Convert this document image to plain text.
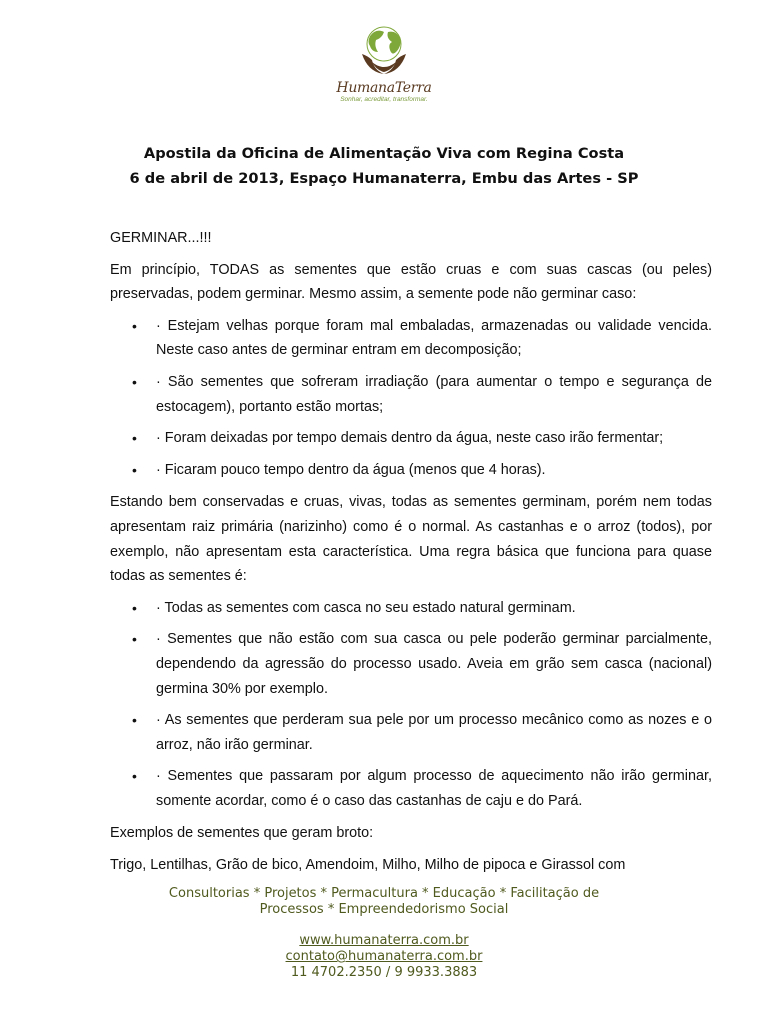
HumanaTerra
Sonhar, acreditar, transformar.
Apostila da Oficina de Alimentação Viva com Regina Costa
6 de abril de 2013, Espaço Humanaterra, Embu das Artes - SP

GERMINAR...!!!

Em princípio, TODAS as sementes que estão cruas e com suas cascas (ou peles) preservadas, podem germinar. Mesmo assim, a semente pode não germinar caso:

• · Estejam velhas porque foram mal embaladas, armazenadas ou validade vencida. Neste caso antes de germinar entram em decomposição;
• · São sementes que sofreram irradiação (para aumentar o tempo e segurança de estocagem), portanto estão mortas;
• · Foram deixadas por tempo demais dentro da água, neste caso irão fermentar;
• · Ficaram pouco tempo dentro da água (menos que 4 horas).

Estando bem conservadas e cruas, vivas, todas as sementes germinam, porém nem todas apresentam raiz primária (narizinho) como é o normal. As castanhas e o arroz (todos), por exemplo, não apresentam esta característica. Uma regra básica que funciona para quase todas as sementes é:

• · Todas as sementes com casca no seu estado natural germinam.
• · Sementes que não estão com sua casca ou pele poderão germinar parcialmente, dependendo da agressão do processo usado. Aveia em grão sem casca (nacional) germina 30% por exemplo.
• · As sementes que perderam sua pele por um processo mecânico como as nozes e o arroz, não irão germinar.
• · Sementes que passaram por algum processo de aquecimento não irão germinar, somente acordar, como é o caso das castanhas de caju e do Pará.

Exemplos de sementes que geram broto:

Trigo, Lentilhas, Grão de bico, Amendoim, Milho, Milho de pipoca e Girassol com

Consultorias * Projetos * Permacultura * Educação * Facilitação de
Processos * Empreendedorismo Social
www.humanaterra.com.br
contato@humanaterra.com.br
11 4702.2350 / 9 9933.3883
